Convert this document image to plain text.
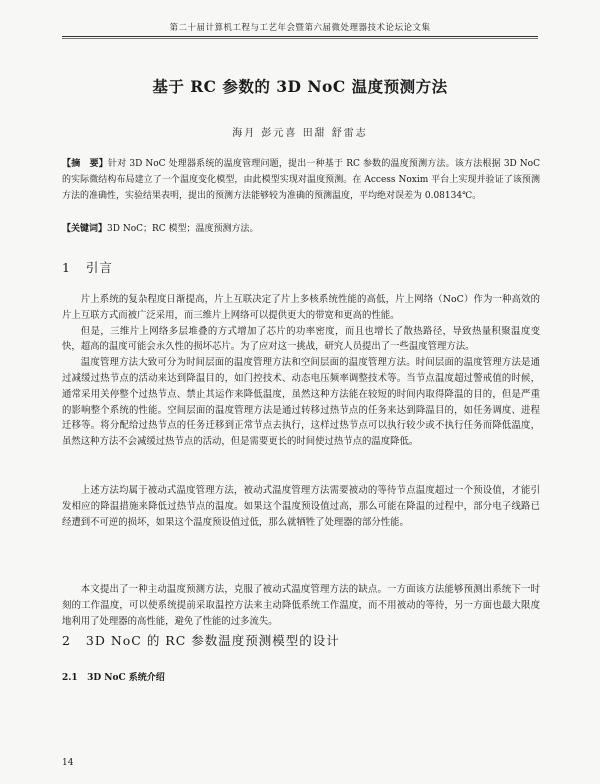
第二十届计算机工程与工艺年会暨第六届微处理器技术论坛论文集
基于 RC 参数的 3D NoC 温度预测方法
海月 彭元喜 田甜 舒雷志
【摘　要】针对 3D NoC 处理器系统的温度管理问题，提出一种基于 RC 参数的温度预测方法。该方法根据 3D NoC 的实际微结构布局建立了一个温度变化模型，由此模型实现对温度预测。在 Access Noxim 平台上实现并验证了该预测方法的准确性，实验结果表明，提出的预测方法能够较为准确的预测温度，平均绝对误差为 0.08134℃。
【关键词】3D NoC；RC 模型；温度预测方法。
1 引言

片上系统的复杂程度日渐提高，片上互联决定了片上多核系统性能的高低，片上网络（NoC）作为一种高效的片上互联方式而被广泛采用，而三维片上网络可以提供更大的带宽和更高的性能。

但是，三维片上网络多层堆叠的方式增加了芯片的功率密度，而且也增长了散热路径，导致热量积聚温度变快，超高的温度可能会永久性的损坏芯片。为了应对这一挑战，研究人员提出了一些温度管理方法。

温度管理方法大致可分为时间层面的温度管理方法和空间层面的温度管理方法。时间层面的温度管理方法是通过减缓过热节点的活动来达到降温目的，如门控技术、动态电压频率调整技术等。当节点温度超过警戒值的时候，通常采用关停整个过热节点、禁止其运作来降低温度，虽然这种方法能在较短的时间内取得降温的目的，但是严重的影响整个系统的性能。空间层面的温度管理方法是通过转移过热节点的任务来达到降温目的，如任务调度、进程迁移等。将分配给过热节点的任务迁移到正常节点去执行，这样过热节点可以执行较少或不执行任务而降低温度，虽然这种方法不会减缓过热节点的活动，但是需要更长的时间使过热节点的温度降低。

上述方法均属于被动式温度管理方法，被动式温度管理方法需要被动的等待节点温度超过一个预设值，才能引发相应的降温措施来降低过热节点的温度。如果这个温度预设值过高，那么可能在降温的过程中，部分电子线路已经遭到不可逆的损坏，如果这个温度预设值过低，那么就牺牲了处理器的部分性能。

本文提出了一种主动温度预测方法，克服了被动式温度管理方法的缺点。一方面该方法能够预测出系统下一时刻的工作温度，可以使系统提前采取温控方法来主动降低系统工作温度，而不用被动的等待，另一方面也最大限度地利用了处理器的高性能，避免了性能的过多流失。

2 3D NoC 的 RC 参数温度预测模型的设计
2.1 3D NoC 系统介绍
14
